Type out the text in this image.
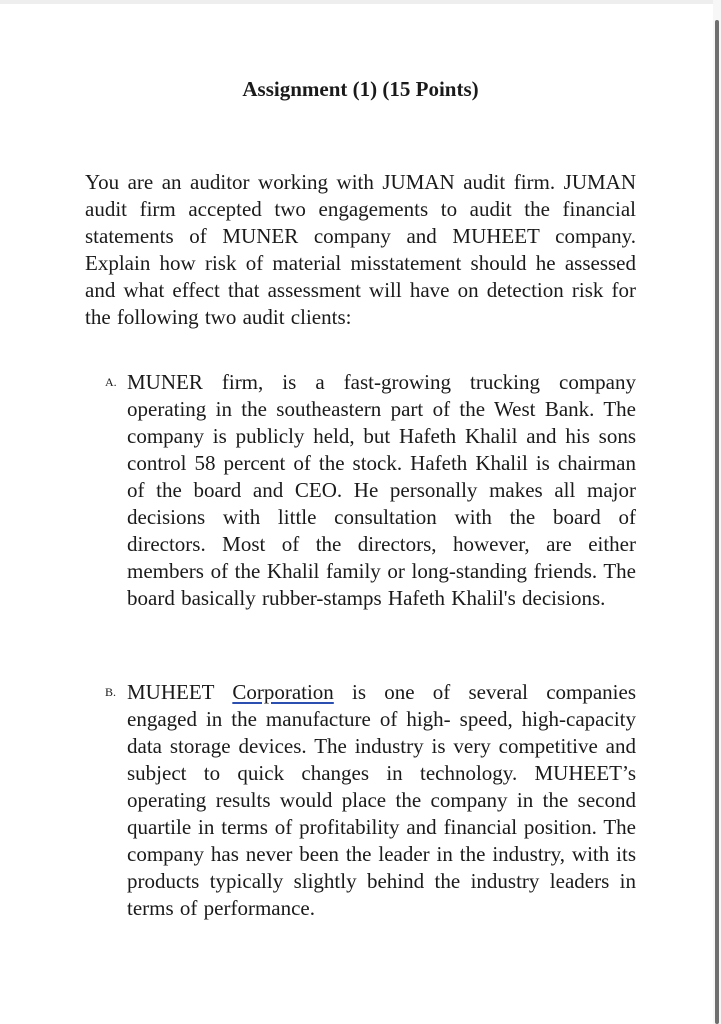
Assignment (1) (15 Points)
You are an auditor working with JUMAN audit firm. JUMAN audit firm accepted two engagements to audit the financial statements of MUNER company and MUHEET company. Explain how risk of material misstatement should he assessed and what effect that assessment will have on detection risk for the following two audit clients:
A. MUNER firm, is a fast-growing trucking company operating in the southeastern part of the West Bank. The company is publicly held, but Hafeth Khalil and his sons control 58 percent of the stock. Hafeth Khalil is chairman of the board and CEO. He personally makes all major decisions with little consultation with the board of directors. Most of the directors, however, are either members of the Khalil family or long-standing friends. The board basically rubber-stamps Hafeth Khalil's decisions.
B. MUHEET Corporation is one of several companies engaged in the manufacture of high- speed, high-capacity data storage devices. The industry is very competitive and subject to quick changes in technology. MUHEET’s operating results would place the company in the second quartile in terms of profitability and financial position. The company has never been the leader in the industry, with its products typically slightly behind the industry leaders in terms of performance.
